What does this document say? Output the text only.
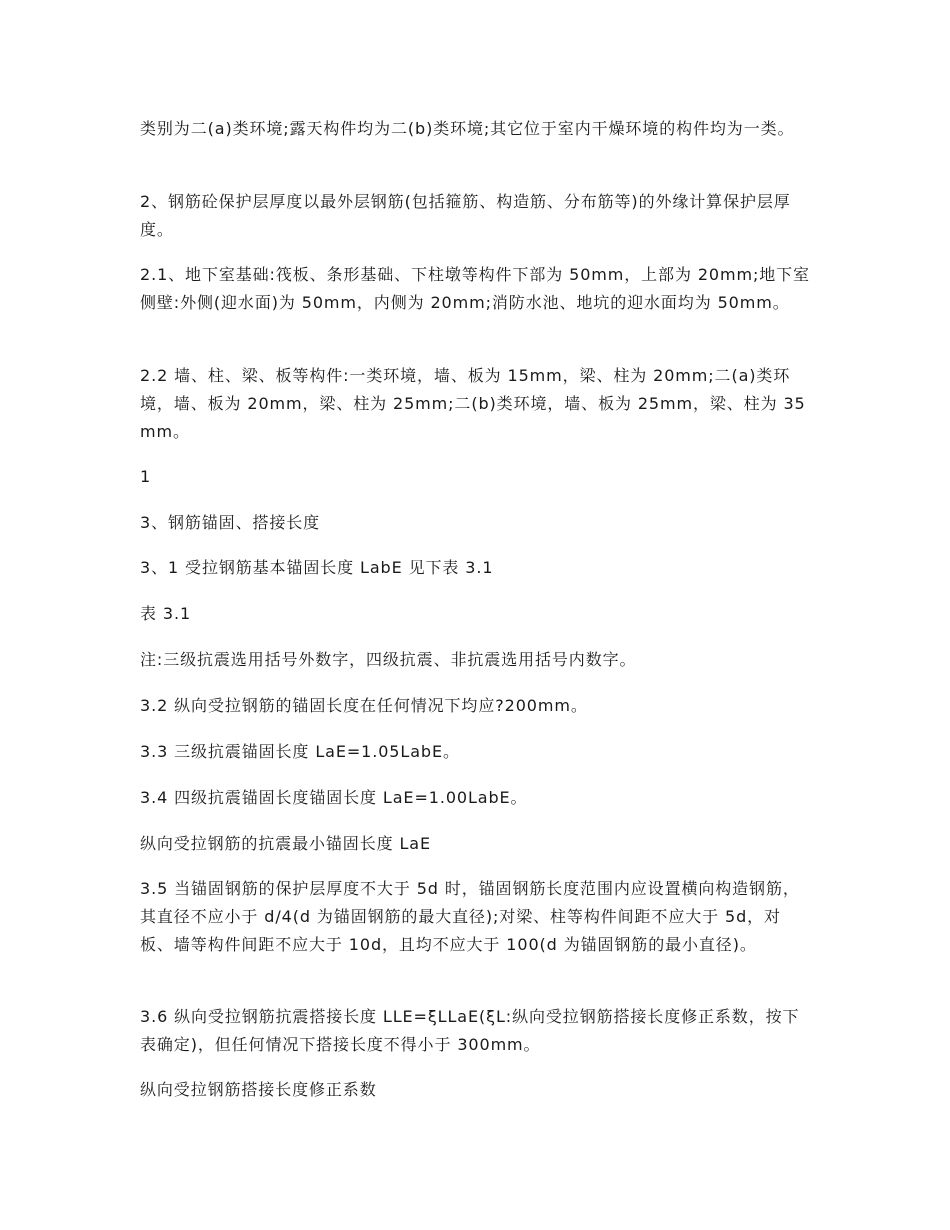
类别为二(a)类环境;露天构件均为二(b)类环境;其它位于室内干燥环境的构件均为一类。

2、钢筋砼保护层厚度以最外层钢筋(包括箍筋、构造筋、分布筋等)的外缘计算保护层厚度。

2.1、地下室基础:筏板、条形基础、下柱墩等构件下部为 50mm，上部为 20mm;地下室侧壁:外侧(迎水面)为 50mm，内侧为 20mm;消防水池、地坑的迎水面均为 50mm。

2.2 墙、柱、梁、板等构件:一类环境，墙、板为 15mm，梁、柱为 20mm;二(a)类环境，墙、板为 20mm，梁、柱为 25mm;二(b)类环境，墙、板为 25mm，梁、柱为 35mm。

1

3、钢筋锚固、搭接长度

3、1 受拉钢筋基本锚固长度 LabE 见下表 3.1

表 3.1

注:三级抗震选用括号外数字，四级抗震、非抗震选用括号内数字。

3.2 纵向受拉钢筋的锚固长度在任何情况下均应?200mm。

3.3 三级抗震锚固长度 LaE=1.05LabE。

3.4 四级抗震锚固长度锚固长度 LaE=1.00LabE。

纵向受拉钢筋的抗震最小锚固长度 LaE

3.5 当锚固钢筋的保护层厚度不大于 5d 时，锚固钢筋长度范围内应设置横向构造钢筋，其直径不应小于 d/4(d 为锚固钢筋的最大直径);对梁、柱等构件间距不应大于 5d，对板、墙等构件间距不应大于 10d，且均不应大于 100(d 为锚固钢筋的最小直径)。

3.6 纵向受拉钢筋抗震搭接长度 LLE=ξLLaE(ξL:纵向受拉钢筋搭接长度修正系数，按下表确定)，但任何情况下搭接长度不得小于 300mm。

纵向受拉钢筋搭接长度修正系数
